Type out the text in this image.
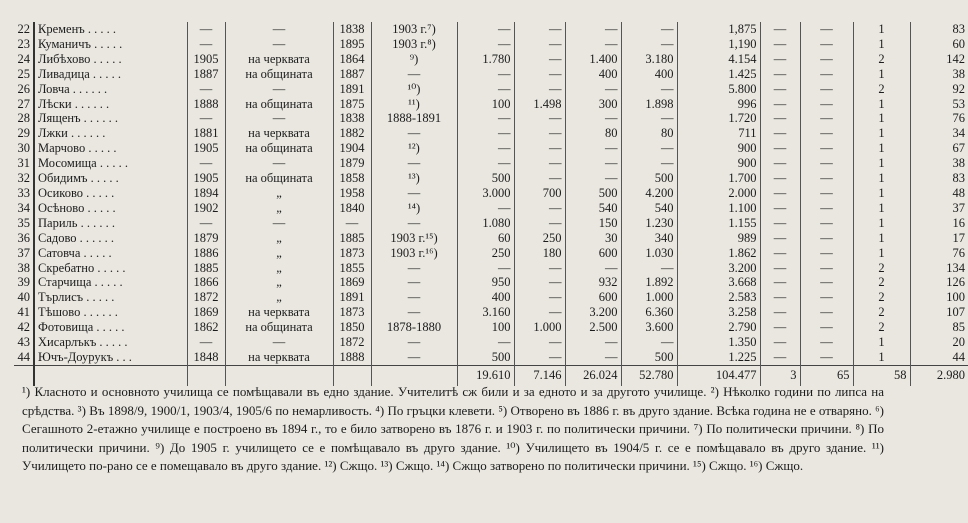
22	Кременъ . . . . .	—	—	1838	1903 г.⁷)	—	—	—	—	1,875	—	—	1	83
23	Куманичъ . . . . .	—	—	1895	1903 г.⁸)	—	—	—	—	1,190	—	—	1	60
24	Либѣхово . . . . .	1905	на черквата	1864	⁹)	1.780	—	1.400	3.180	4.154	—	—	2	142
25	Ливадица . . . . .	1887	на общината	1887	—	—	—	400	400	1.425	—	—	1	38
26	Ловча . . . . . .	—	—	1891	¹⁰)	—	—	—	—	5.800	—	—	2	92
27	Лѣски . . . . . .	1888	на общината	1875	¹¹)	100	1.498	300	1.898	996	—	—	1	53
28	Лященъ . . . . . .	—	—	1838	1888-1891	—	—	—	—	1.720	—	—	1	76
29	Лжки . . . . . .	1881	на черквата	1882	—	—	—	80	80	711	—	—	1	34
30	Марчово . . . . .	1905	на общината	1904	¹²)	—	—	—	—	900	—	—	1	67
31	Мосомища . . . . .	—	—	1879	—	—	—	—	—	900	—	—	1	38
32	Обидимъ . . . . .	1905	на общината	1858	¹³)	500	—	—	500	1.700	—	—	1	83
33	Осиково . . . . .	1894	„	1958	—	3.000	700	500	4.200	2.000	—	—	1	48
34	Осѣново . . . . .	1902	„	1840	¹⁴)	—	—	540	540	1.100	—	—	1	37
35	Париль . . . . . .	—	—	—	—	1.080	—	150	1.230	1.155	—	—	1	16
36	Садово . . . . . .	1879	„	1885	1903 г.¹⁵)	60	250	30	340	989	—	—	1	17
37	Сатовча . . . . .	1886	„	1873	1903 г.¹⁶)	250	180	600	1.030	1.862	—	—	1	76
38	Скребатно . . . . .	1885	„	1855	—	—	—	—	—	3.200	—	—	2	134
39	Старчища . . . . .	1866	„	1869	—	950	—	932	1.892	3.668	—	—	2	126
40	Търлисъ . . . . .	1872	„	1891	—	400	—	600	1.000	2.583	—	—	2	100
41	Тѣшово . . . . . .	1869	на черквата	1873	—	3.160	—	3.200	6.360	3.258	—	—	2	107
42	Фотовища . . . . .	1862	на общината	1850	1878-1880	100	1.000	2.500	3.600	2.790	—	—	2	85
43	Хисарлъкъ . . . . .	—	—	1872	—	—	—	—	—	1.350	—	—	1	20
44	Ючъ-Доурукъ . . .	1848	на черквата	1888	—	500	—	—	500	1.225	—	—	1	44
						19.610	7.146	26.024	52.780	104.477	3	65	58	2.980

¹) Класното и основното училища се помѣщавали въ едно здание. Учителитѣ сж били и за едното и за другото училище. ²) Нѣколко години по липса на срѣдства. ³) Въ 1898/9, 1900/1, 1903/4, 1905/6 по немарливость. ⁴) По гръцки клевети. ⁵) Отворено въ 1886 г. въ друго здание. Всѣка година не е отваряно. ⁶) Сегашното 2-етажно училище е построено въ 1894 г., то е било затворено въ 1876 г. и 1903 г. по политически причини. ⁷) По политически причини. ⁸) По политически причини. ⁹) До 1905 г. училището се е помѣщавало въ друго здание. ¹⁰) Училището въ 1904/5 г. се е помѣщавало въ друго здание. ¹¹) Училището по-рано се е помещавало въ друго здание. ¹²) Сжщо. ¹³) Сжщо. ¹⁴) Сжщо затворено по политически причини. ¹⁵) Сжщо. ¹⁶) Сжщо.
